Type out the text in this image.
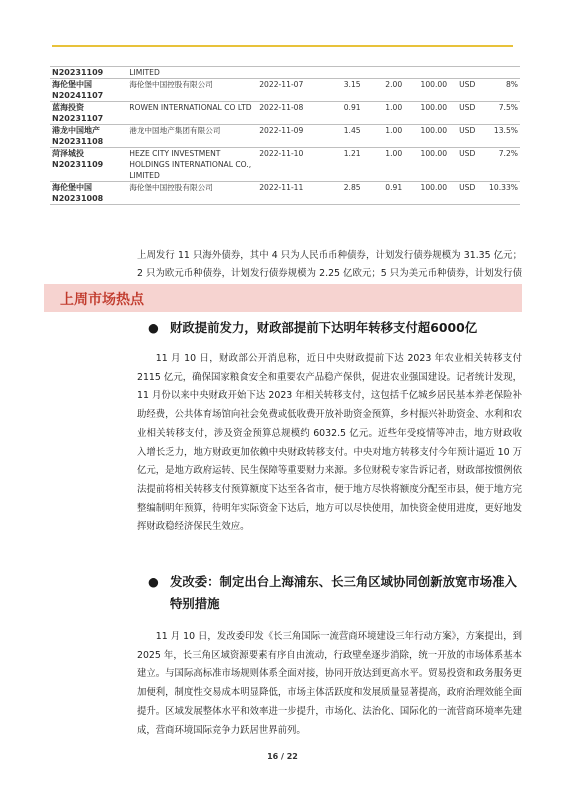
N20231109	LIMITED						
海伦堡中国 N20241107	海伦堡中国控股有限公司	2022-11-07	3.15	2.00	100.00	USD	8%
蓝海投资 N20231107	ROWEN INTERNATIONAL CO LTD	2022-11-08	0.91	1.00	100.00	USD	7.5%
港龙中国地产 N20231108	港龙中国地产集团有限公司	2022-11-09	1.45	1.00	100.00	USD	13.5%
菏泽城投 N20231109	HEZE CITY INVESTMENT HOLDINGS INTERNATIONAL CO., LIMITED	2022-11-10	1.21	1.00	100.00	USD	7.2%
海伦堡中国 N20231008	海伦堡中国控股有限公司	2022-11-11	2.85	0.91	100.00	USD	10.33%
上周发行 11 只海外债券，其中 4 只为人民币币种债券，计划发行债券规模为 31.35 亿元；2 只为欧元币种债券，计划发行债券规模为 2.25 亿欧元；5 只为美元币种债券，计划发行债
上周市场热点
● 财政提前发力，财政部提前下达明年转移支付超6000亿
11 月 10 日，财政部公开消息称，近日中央财政提前下达 2023 年农业相关转移支付 2115 亿元，确保国家粮食安全和重要农产品稳产保供，促进农业强国建设。记者统计发现，11 月份以来中央财政开始下达 2023 年相关转移支付，这包括千亿城乡居民基本养老保险补助经费，公共体育场馆向社会免费或低收费开放补助资金预算，乡村振兴补助资金、水利和农业相关转移支付，涉及资金预算总规模约 6032.5 亿元。近些年受疫情等冲击，地方财政收入增长乏力，地方财政更加依赖中央财政转移支付。中央对地方转移支付今年预计逼近 10 万亿元，是地方政府运转、民生保障等重要财力来源。多位财税专家告诉记者，财政部按惯例依法提前将相关转移支付预算额度下达至各省市，便于地方尽快将额度分配至市县，便于地方完整编制明年预算，待明年实际资金下达后，地方可以尽快使用，加快资金使用进度，更好地发挥财政稳经济保民生效应。
● 发改委：制定出台上海浦东、长三角区域协同创新放宽市场准入特别措施
11 月 10 日，发改委印发《长三角国际一流营商环境建设三年行动方案》，方案提出，到 2025 年，长三角区域资源要素有序自由流动，行政壁垒逐步消除，统一开放的市场体系基本建立。与国际高标准市场规则体系全面对接，协同开放达到更高水平。贸易投资和政务服务更加便利，制度性交易成本明显降低，市场主体活跃度和发展质量显著提高，政府治理效能全面提升。区域发展整体水平和效率进一步提升，市场化、法治化、国际化的一流营商环境率先建成，营商环境国际竞争力跃居世界前列。
16 / 22
